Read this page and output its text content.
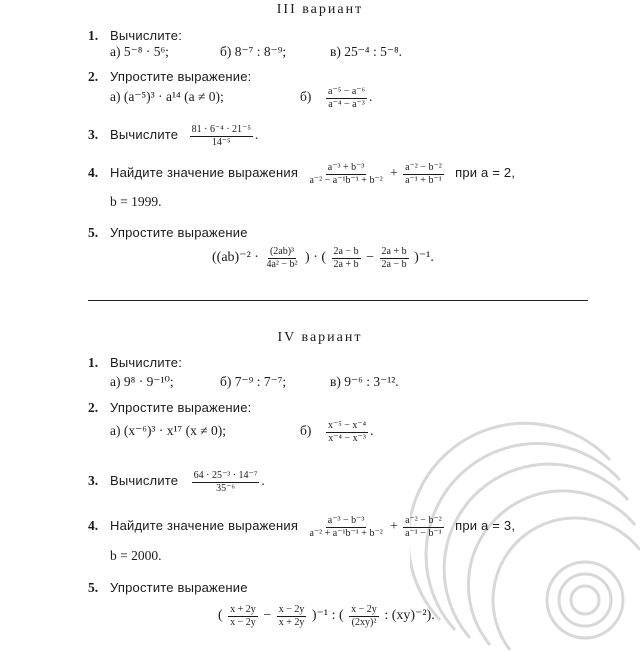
III вариант
1. Вычислите:
а) 5⁻⁸ · 5⁶;	б) 8⁻⁷ : 8⁻⁹;	в) 25⁻⁴ : 5⁻⁸.
2. Упростите выражение:
а) (a⁻⁵)³ · a¹⁴ (a ≠ 0);	$б) \frac{\text{a⁻⁵ − a⁻⁶}}{\text{a⁻⁴ − a⁻³}}$ .
3. Вычислите $\frac{\text{81 · 6⁻⁴ · 21⁻⁵}}{\text{14⁻⁵}}$ .
4. Найдите значение выражения $\frac{\text{a⁻³ + b⁻³}}{\text{a⁻² − a⁻¹b⁻¹ + b⁻²}} + \frac{\text{a⁻² − b⁻²}}{\text{a⁻¹ + b⁻¹}}$ при a = 2,
b = 1999.
5. Упростите выражение
($(ab)^{-2} \cdot \frac{\text{(2ab)³}}{\text{4a² − b²}}$ ) · ( $\frac{2a - b}{2a + b} - \frac{2a + b}{2a - b} )^{-1}$.
IV вариант
1. Вычислите:
а) 9⁸ · 9⁻¹⁰;	б) 7⁻⁹ : 7⁻⁷;	в) 9⁻⁶ : 3⁻¹².
2. Упростите выражение:
а) (x⁻⁶)³ · x¹⁷ (x ≠ 0);	$б) \frac{\text{x⁻⁵ − x⁻⁴}}{\text{x⁻⁴ − x⁻³}}$ .
3. Вычислите $\frac{\text{64 · 25⁻³ · 14⁻⁷}}{\text{35⁻⁶}}$ .
4. Найдите значение выражения $\frac{\text{a⁻³ − b⁻³}}{\text{a⁻² + a⁻¹b⁻¹ + b⁻²}} + \frac{\text{a⁻² − b⁻²}}{\text{a⁻¹ − b⁻¹}}$ при a = 3,
b = 2000.
5. Упростите выражение
( $\frac{x + 2y}{x - 2y} - \frac{x - 2y}{x + 2y} )^{-1}$ : ( $\frac{x - 2y}{\text{(2xy)²}}$ : (xy)⁻²).
